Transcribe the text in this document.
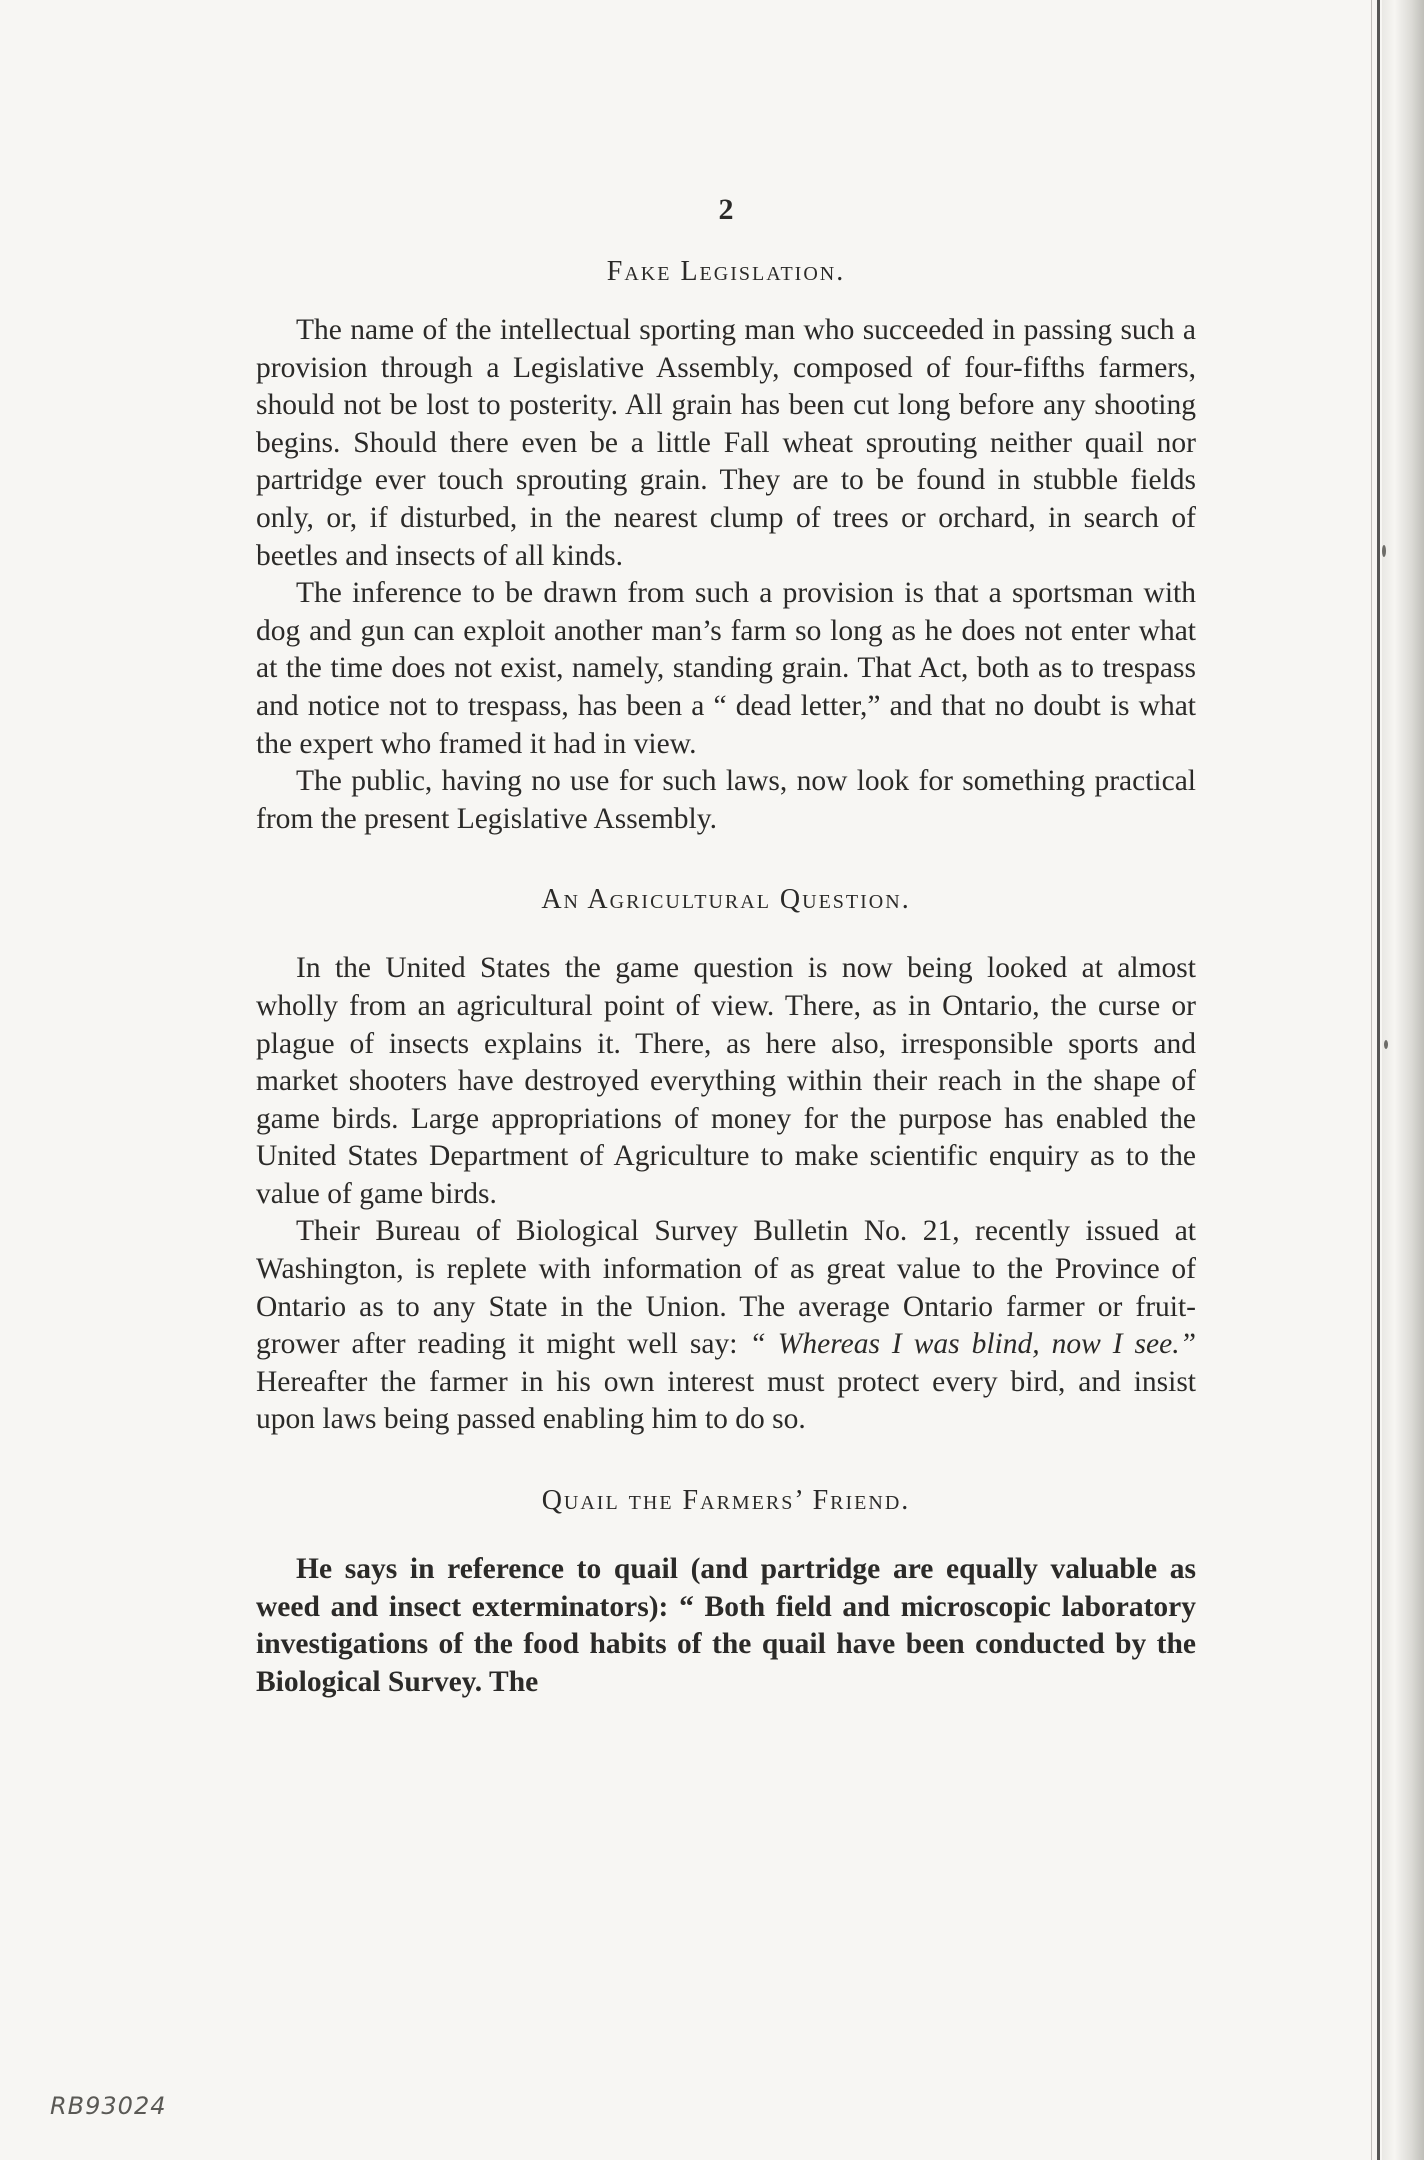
2
Fake Legislation.

The name of the intellectual sporting man who succeeded in passing such a provision through a Legislative Assembly, composed of four-fifths farmers, should not be lost to posterity. All grain has been cut long before any shooting begins. Should there even be a little Fall wheat sprouting neither quail nor partridge ever touch sprouting grain. They are to be found in stubble fields only, or, if disturbed, in the nearest clump of trees or orchard, in search of beetles and insects of all kinds.

The inference to be drawn from such a provision is that a sportsman with dog and gun can exploit another man’s farm so long as he does not enter what at the time does not exist, namely, standing grain. That Act, both as to trespass and notice not to trespass, has been a “ dead letter,” and that no doubt is what the expert who framed it had in view.

The public, having no use for such laws, now look for something practical from the present Legislative Assembly.

An Agricultural Question.

In the United States the game question is now being looked at almost wholly from an agricultural point of view. There, as in Ontario, the curse or plague of insects explains it. There, as here also, irresponsible sports and market shooters have destroyed everything within their reach in the shape of game birds. Large appropriations of money for the purpose has enabled the United States Department of Agriculture to make scientific enquiry as to the value of game birds.

Their Bureau of Biological Survey Bulletin No. 21, recently issued at Washington, is replete with information of as great value to the Province of Ontario as to any State in the Union. The average Ontario farmer or fruit-grower after reading it might well say: “ Whereas I was blind, now I see.” Hereafter the farmer in his own interest must protect every bird, and insist upon laws being passed enabling him to do so.

Quail the Farmers’ Friend.

He says in reference to quail (and partridge are equally valuable as weed and insect exterminators): “ Both field and microscopic laboratory investigations of the food habits of the quail have been conducted by the Biological Survey. The

RB93024
